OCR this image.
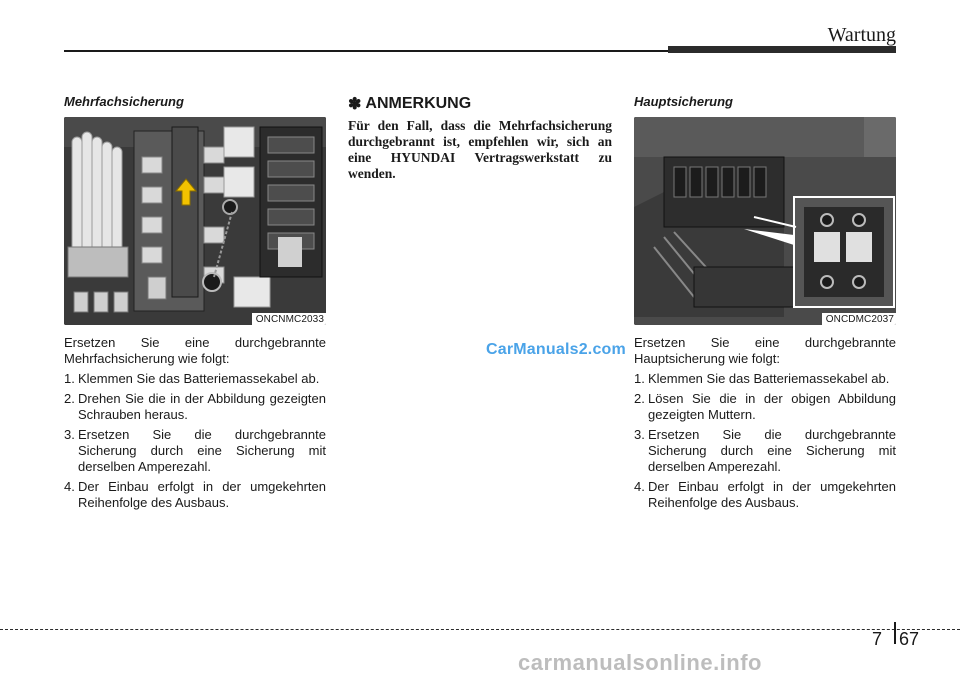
Wartung
Mehrfachsicherung
ONCNMC2033

Ersetzen Sie eine durchgebrannte Mehrfachsicherung wie folgt:

1. Klemmen Sie das Batteriemassekabel ab.
2. Drehen Sie die in der Abbildung gezeigten Schrauben heraus.
3. Ersetzen Sie die durchgebrannte Sicherung durch eine Sicherung mit derselben Amperezahl.
4. Der Einbau erfolgt in der umgekehrten Reihenfolge des Ausbaus.
✽ ANMERKUNG

Für den Fall, dass die Mehrfachsicherung durchgebrannt ist, empfehlen wir, sich an eine HYUNDAI Vertragswerkstatt zu wenden.

Hauptsicherung
ONCDMC2037

Ersetzen Sie eine durchgebrannte Hauptsicherung wie folgt:

1. Klemmen Sie das Batteriemassekabel ab.
2. Lösen Sie die in der obigen Abbildung gezeigten Muttern.
3. Ersetzen Sie die durchgebrannte Sicherung durch eine Sicherung mit derselben Amperezahl.
4. Der Einbau erfolgt in der umgekehrten Reihenfolge des Ausbaus.
CarManuals2.com
7 67
carmanualsonline.info
